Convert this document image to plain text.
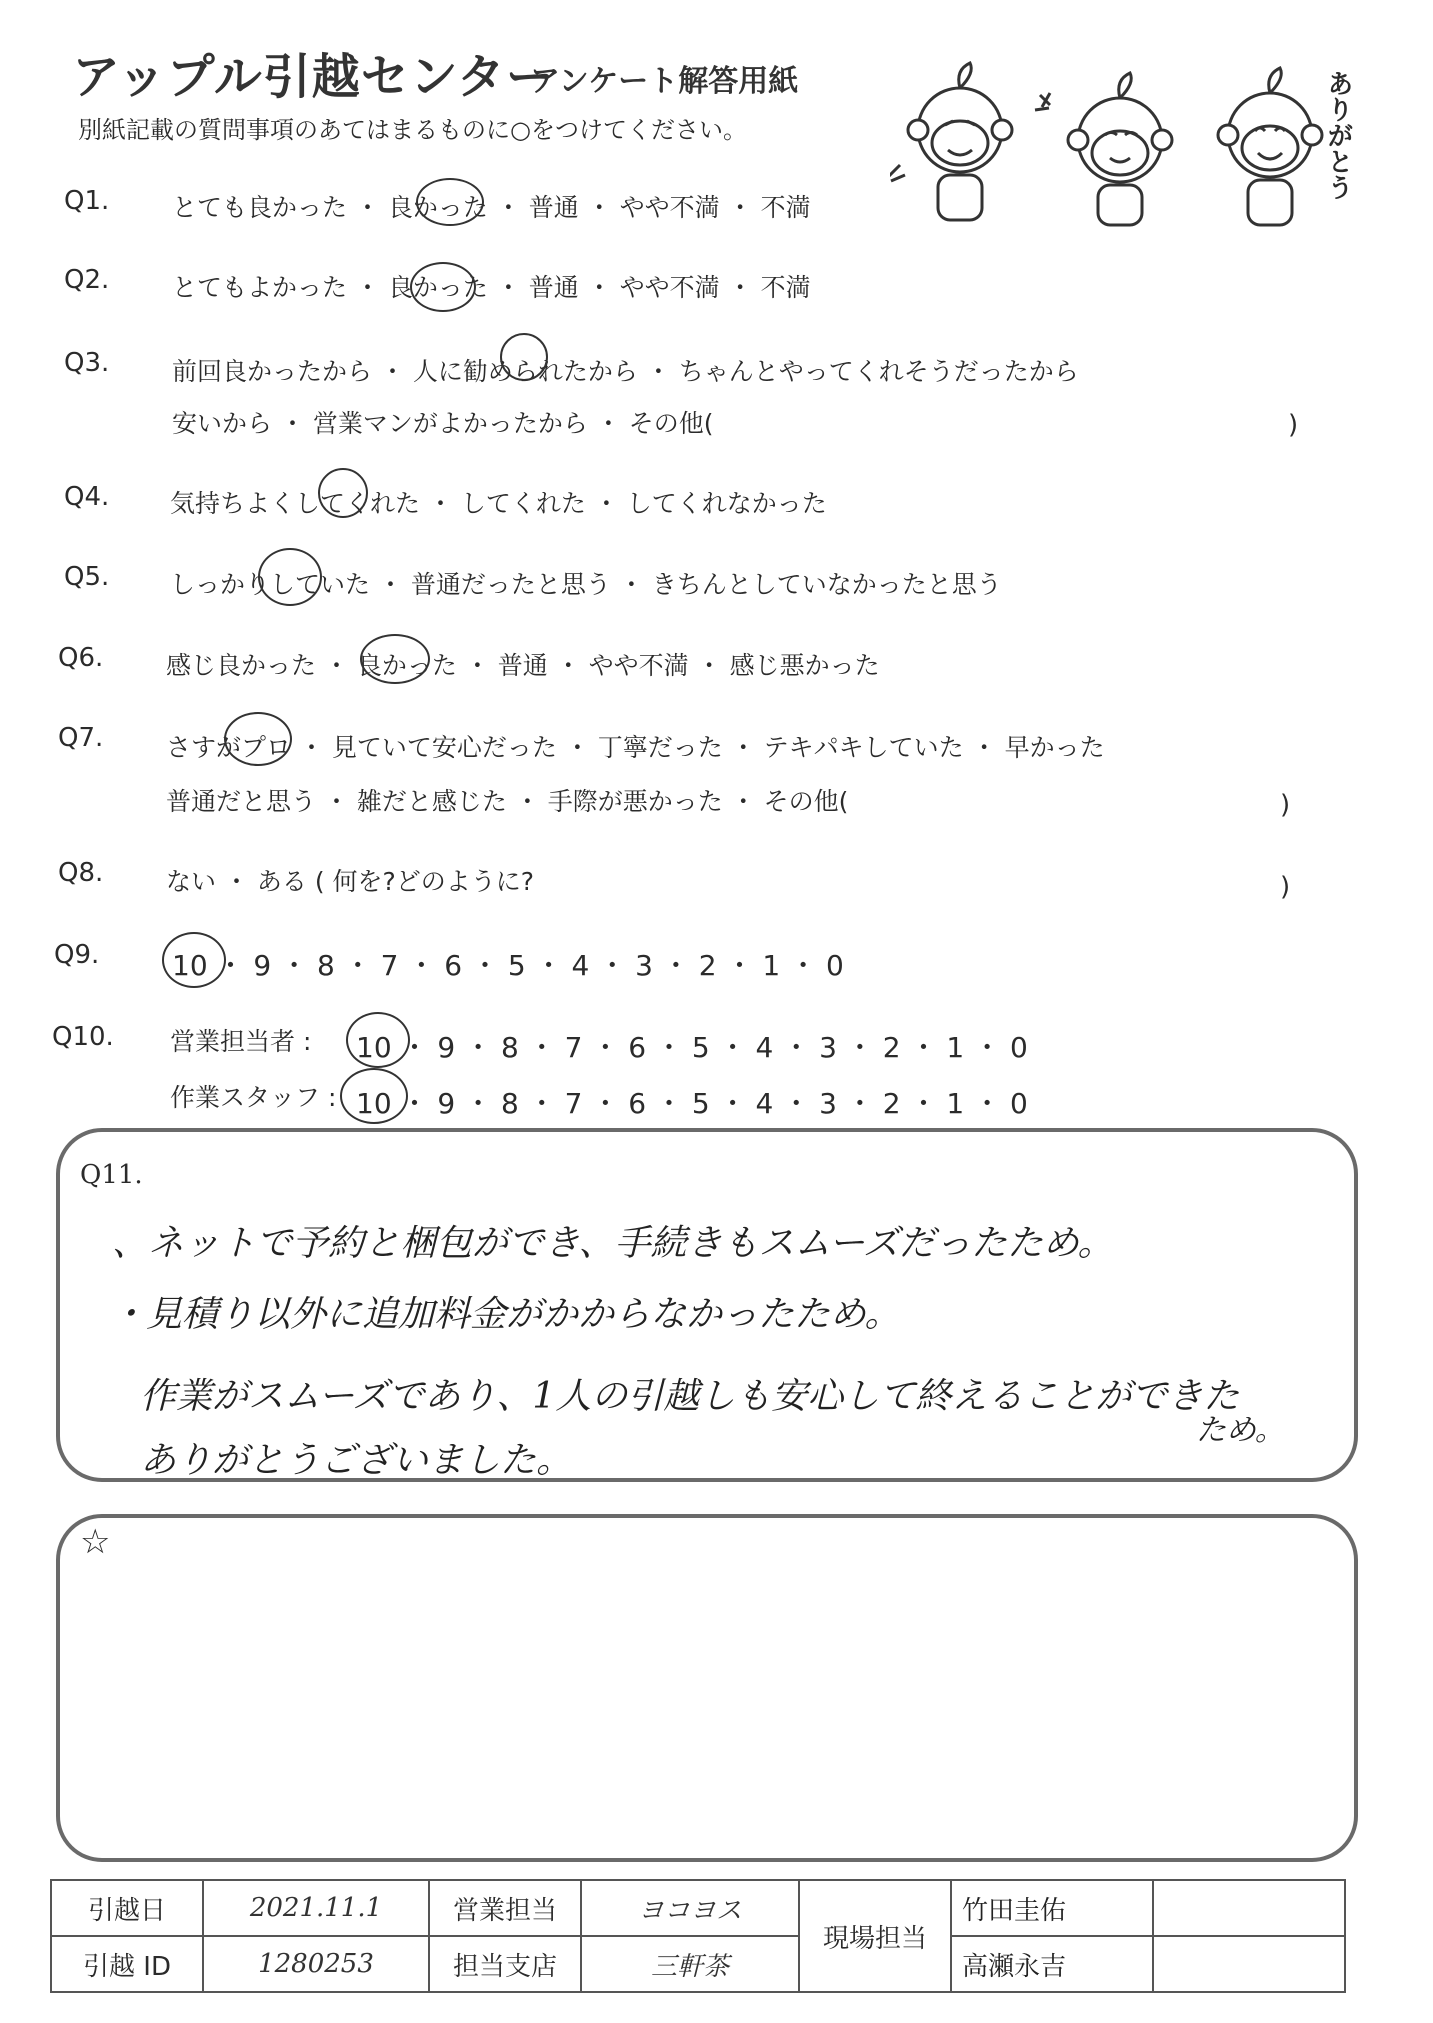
アップル引越センター
アンケート解答用紙
別紙記載の質問事項のあてはまるものに○をつけてください。	ありがとう
Q1.	とても良かった ・ 良かった ・ 普通 ・ やや不満 ・ 不満
Q2.	とてもよかった ・ 良かった ・ 普通 ・ やや不満 ・ 不満
Q3.	前回良かったから ・ 人に勧められたから ・ ちゃんとやってくれそうだったから
安いから ・ 営業マンがよかったから ・ その他(	)
Q4. 気持ちよくしてくれた ・ してくれた ・ してくれなかった
Q5. しっかりしていた ・ 普通だったと思う ・ きちんとしていなかったと思う
Q6.	感じ良かった ・ 良かった ・ 普通 ・ やや不満 ・ 感じ悪かった
Q7.	さすがプロ ・ 見ていて安心だった ・ 丁寧だった ・ テキパキしていた ・ 早かった
普通だと思う ・ 雑だと感じた ・ 手際が悪かった ・ その他(	)
Q8.	ない ・ ある ( 何を?どのように?	)
Q9.	10 ・ 9 ・ 8 ・ 7 ・ 6 ・ 5 ・ 4 ・ 3 ・ 2 ・ 1 ・ 0
Q10. 営業担当者 : 10 ・ 9 ・ 8 ・ 7 ・ 6 ・ 5 ・ 4 ・ 3 ・ 2 ・ 1 ・ 0
作業スタッフ : 10 ・ 9 ・ 8 ・ 7 ・ 6 ・ 5 ・ 4 ・ 3 ・ 2 ・ 1 ・ 0
Q11.
、ネットで予約と梱包ができ、手続きもスムーズだったため。
・見積り以外に追加料金がかからなかったため。
作業がスムーズであり、1人の引越しも安心して終えることができた
ため。
ありがとうございました。
☆
引越日	2021.11.1	営業担当	ヨコヨス	現場担当	竹田圭佑	
引越 ID	1280253	担当支店	三軒茶		高瀬永吉	
